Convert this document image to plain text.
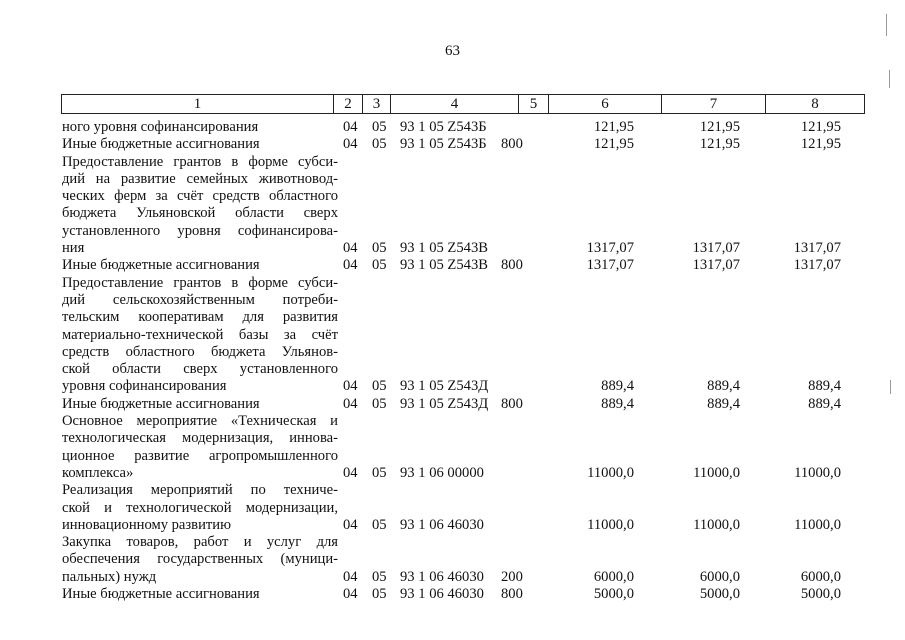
63
1	2	3	4	5	6	7	8
ного уровня софинансирования	04 05 93 1 05 Z543Б	121,95	121,95	121,95
Иные бюджетные ассигнования	04 05 93 1 05 Z543Б 800	121,95	121,95	121,95
Предоставление грантов в форме субси-
дий на развитие семейных животновод-
ческих ферм за счёт средств областного
бюджета Ульяновской области сверх
установленного уровня софинансирова-
ния	04 05 93 1 05 Z543В	1317,07	1317,07	1317,07
Иные бюджетные ассигнования	04 05 93 1 05 Z543В 800	1317,07	1317,07	1317,07
Предоставление грантов в форме субси-
дий сельскохозяйственным потреби-
тельским кооперативам для развития
материально-технической базы за счёт
средств областного бюджета Ульянов-
ской области сверх установленного
уровня софинансирования	04 05 93 1 05 Z543Д	889,4	889,4	889,4
Иные бюджетные ассигнования	04 05 93 1 05 Z543Д 800	889,4	889,4	889,4
Основное мероприятие «Техническая и
технологическая модернизация, иннова-
ционное развитие агропромышленного
комплекса»	04 05 93 1 06 00000	11000,0	11000,0	11000,0
Реализация мероприятий по техниче-
ской и технологической модернизации,
инновационному развитию	04 05 93 1 06 46030	11000,0	11000,0	11000,0
Закупка товаров, работ и услуг для
обеспечения государственных (муници-
пальных) нужд	04 05 93 1 06 46030 200	6000,0	6000,0	6000,0
Иные бюджетные ассигнования	04 05 93 1 06 46030 800	5000,0	5000,0	5000,0
